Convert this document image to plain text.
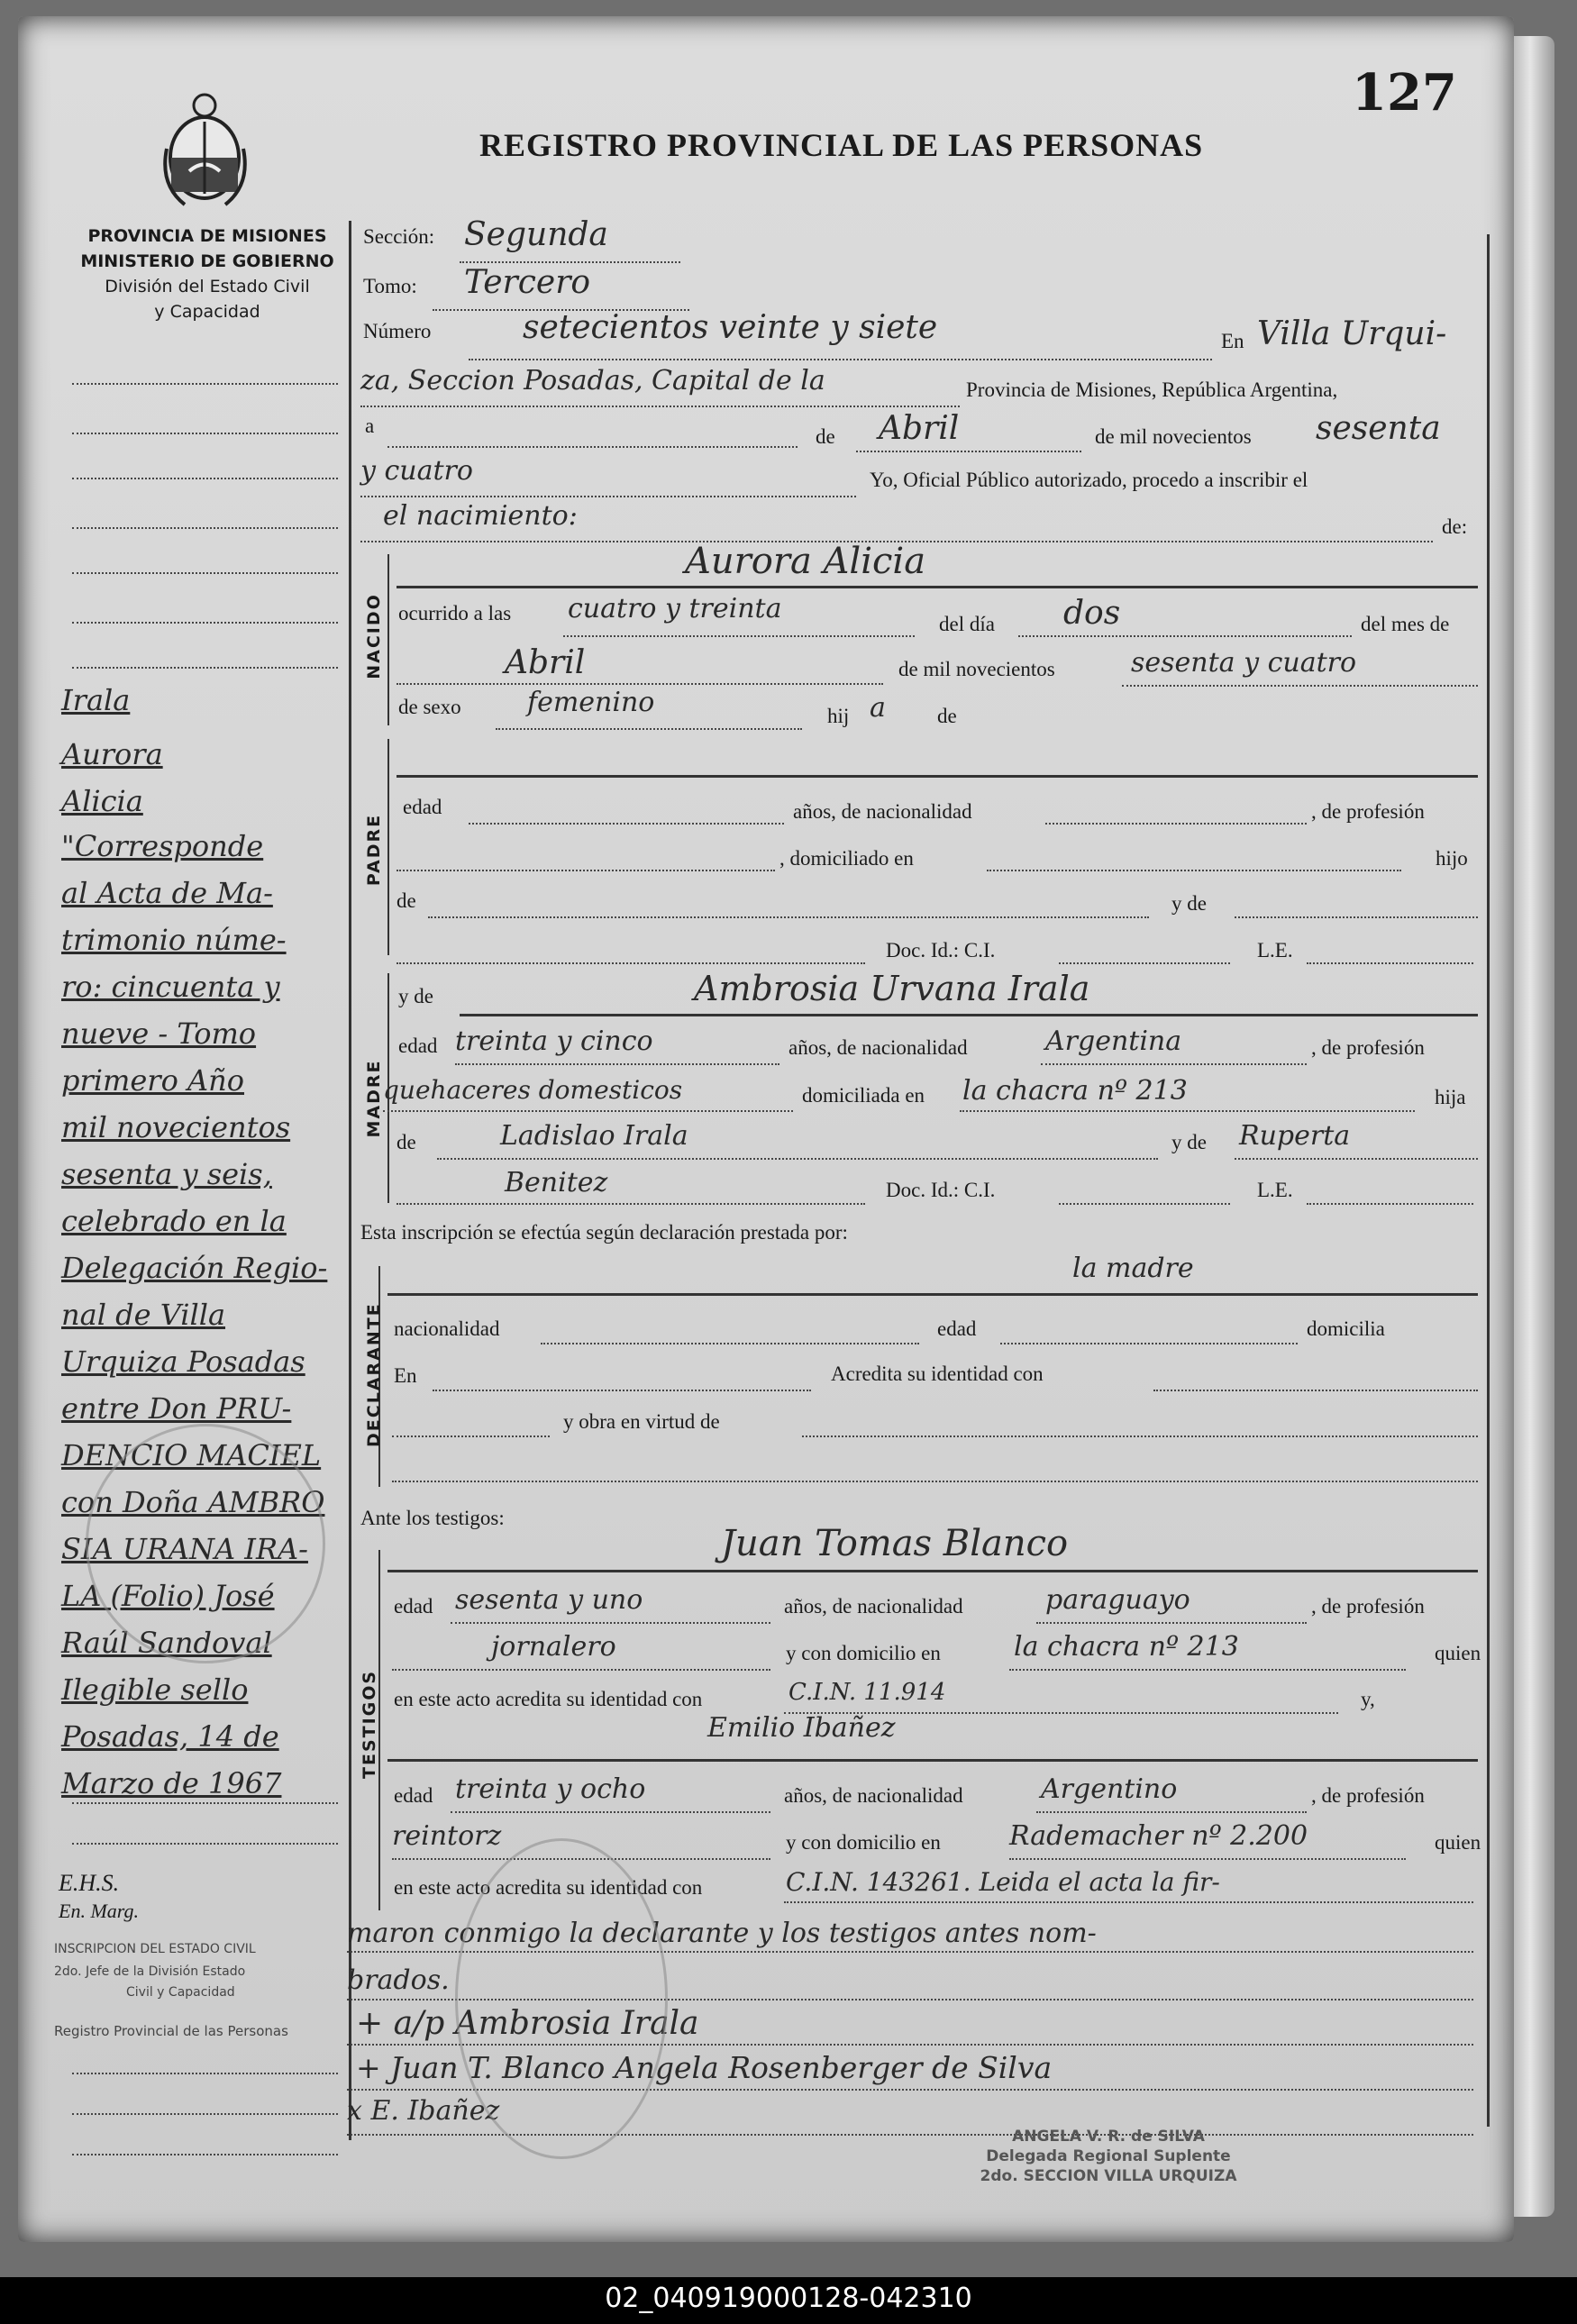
127
REGISTRO PROVINCIAL DE LAS PERSONAS
PROVINCIA DE MISIONES
MINISTERIO DE GOBIERNO
División del Estado Civil
y Capacidad
Irala
Aurora
Alicia
"Corresponde
al Acta de Ma-
trimonio núme-
ro: cincuenta y
nueve - Tomo
primero Año
mil novecientos
sesenta y seis,
celebrado en la
Delegación Regio-
nal de Villa
Urquiza Posadas
entre Don PRU-
DENCIO MACIEL
con Doña AMBRO
SIA URANA IRA-
LA (Folio) José
Raúl Sandoval
Ilegible sello
Posadas, 14 de
Marzo de 1967
E.H.S.
En. Marg.
INSCRIPCION DEL ESTADO CIVIL
2do. Jefe de la División Estado
Civil y Capacidad
Registro Provincial de las Personas
Sección: Segunda
Tomo: Tercero
Número	setecientos veinte y siete	En Villa Urqui-
za, Seccion Posadas, Capital de la	Provincia de Misiones, República Argentina,
a	de Abril	de mil novecientos sesenta
y cuatro	Yo, Oficial Público autorizado, procedo a inscribir el
el nacimiento:	de:
NACIDO
Aurora Alicia
ocurrido a las cuatro y treinta	del día dos	del mes de
Abril	de mil novecientos	sesenta y cuatro
de sexo femenino	hij a de
PADRE
edad	años, de nacionalidad	, de profesión
, domiciliado en	hijo
de	y de
Doc. Id.: C.I.	L.E.
MADRE
y de	Ambrosia Urvana Irala
edad treinta y cinco	años, de nacionalidad	Argentina	, de profesión
quehaceres domesticos	domiciliada en la chacra nº 213	hija
de	Ladislao Irala	y de Ruperta
Benitez	Doc. Id.: C.I.	L.E.
Esta inscripción se efectúa según declaración prestada por:
DECLARANTE
la madre
nacionalidad	edad	domicilia
En	Acredita su identidad con
y obra en virtud de
Ante los testigos:
TESTIGOS
Juan Tomas Blanco
edad sesenta y uno	años, de nacionalidad	paraguayo	, de profesión
jornalero	y con domicilio en	la chacra nº 213	quien
en este acto acredita su identidad con	C.I.N. 11.914	y,
Emilio Ibañez
edad treinta y ocho	años, de nacionalidad	Argentino	, de profesión
reintorz	y con domicilio en	Rademacher nº 2.200	quien
en este acto acredita su identidad con	C.I.N. 143261. Leida el acta la fir-
maron conmigo la declarante y los testigos antes nom-
brados.
+ a/p Ambrosia Irala
+ Juan T. Blanco Angela Rosenberger de Silva
x E. Ibañez
ANGELA V. R. de SILVA
Delegada Regional Suplente
2do. SECCION VILLA URQUIZA
02_040919000128-042310
